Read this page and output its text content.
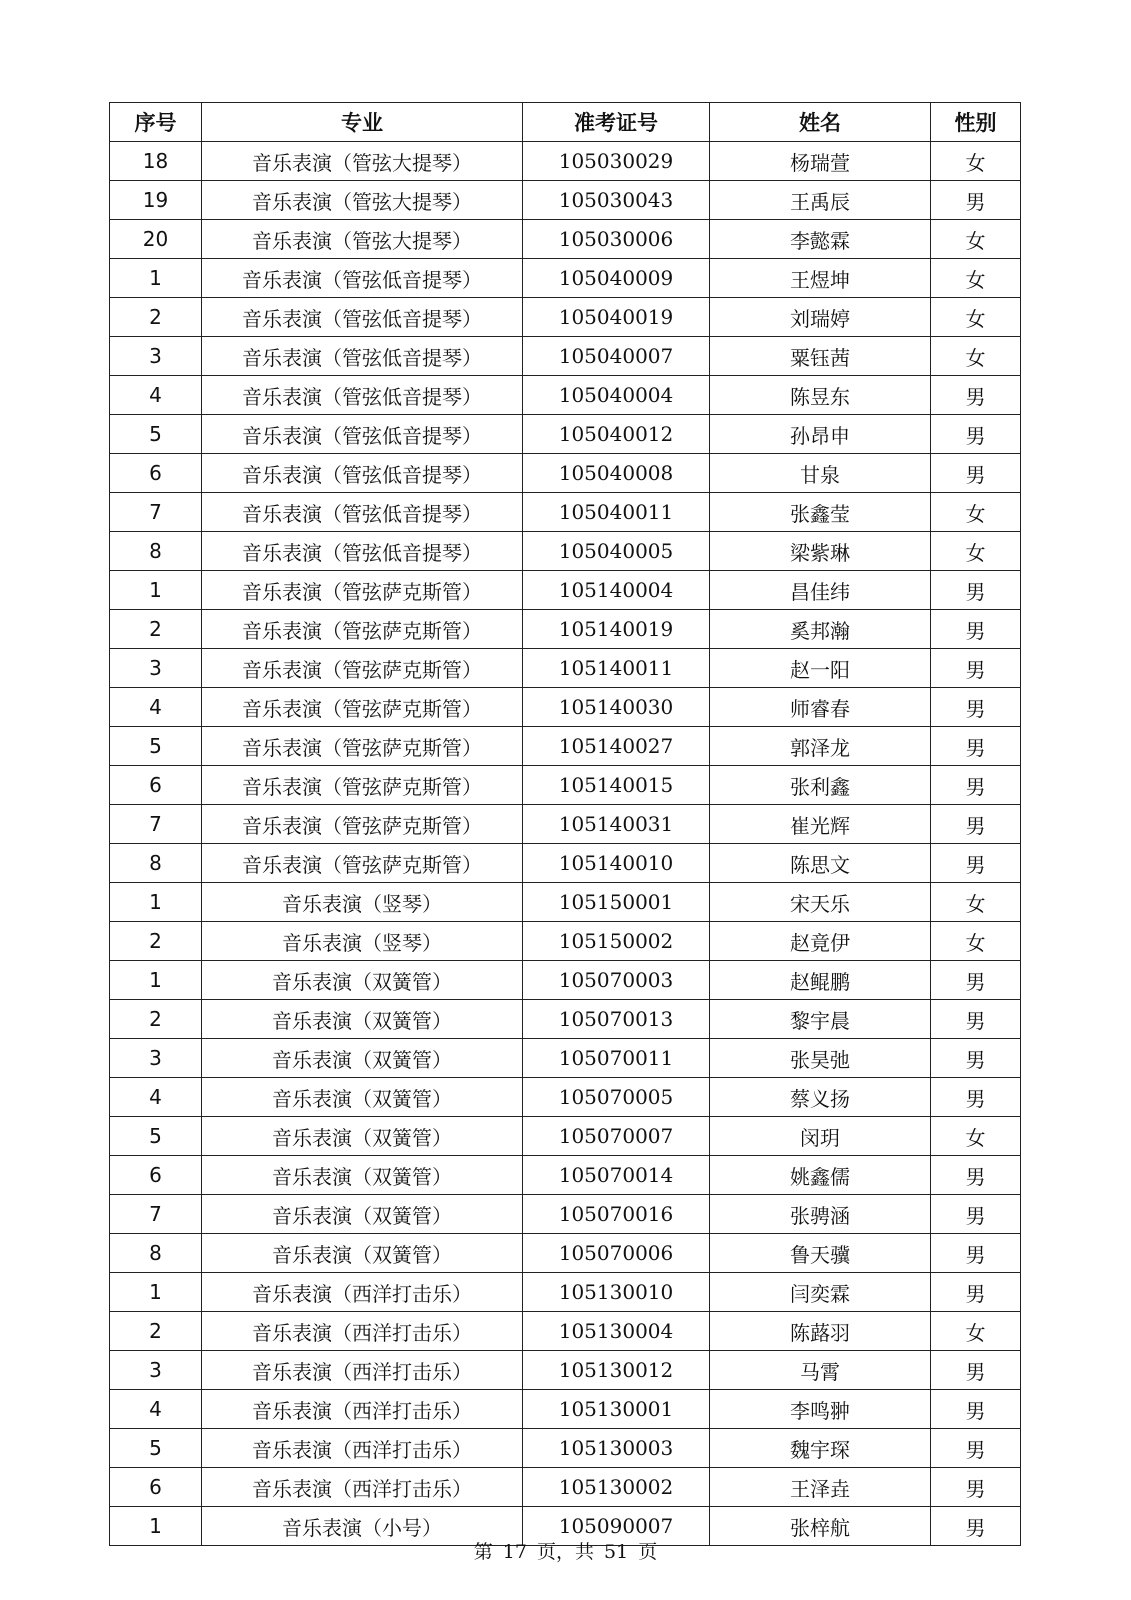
序号	专业	准考证号	姓名	性别
18	音乐表演（管弦大提琴）	105030029	杨瑞萱	女
19	音乐表演（管弦大提琴）	105030043	王禹辰	男
20	音乐表演（管弦大提琴）	105030006	李懿霖	女
1	音乐表演（管弦低音提琴）	105040009	王煜坤	女
2	音乐表演（管弦低音提琴）	105040019	刘瑞婷	女
3	音乐表演（管弦低音提琴）	105040007	粟钰茜	女
4	音乐表演（管弦低音提琴）	105040004	陈昱东	男
5	音乐表演（管弦低音提琴）	105040012	孙昂申	男
6	音乐表演（管弦低音提琴）	105040008	甘泉	男
7	音乐表演（管弦低音提琴）	105040011	张鑫莹	女
8	音乐表演（管弦低音提琴）	105040005	梁紫琳	女
1	音乐表演（管弦萨克斯管）	105140004	昌佳纬	男
2	音乐表演（管弦萨克斯管）	105140019	奚邦瀚	男
3	音乐表演（管弦萨克斯管）	105140011	赵一阳	男
4	音乐表演（管弦萨克斯管）	105140030	师睿春	男
5	音乐表演（管弦萨克斯管）	105140027	郭泽龙	男
6	音乐表演（管弦萨克斯管）	105140015	张利鑫	男
7	音乐表演（管弦萨克斯管）	105140031	崔光辉	男
8	音乐表演（管弦萨克斯管）	105140010	陈思文	男
1	音乐表演（竖琴）	105150001	宋天乐	女
2	音乐表演（竖琴）	105150002	赵竟伊	女
1	音乐表演（双簧管）	105070003	赵鲲鹏	男
2	音乐表演（双簧管）	105070013	黎宇晨	男
3	音乐表演（双簧管）	105070011	张昊弛	男
4	音乐表演（双簧管）	105070005	蔡义扬	男
5	音乐表演（双簧管）	105070007	闵玥	女
6	音乐表演（双簧管）	105070014	姚鑫儒	男
7	音乐表演（双簧管）	105070016	张骋涵	男
8	音乐表演（双簧管）	105070006	鲁天骥	男
1	音乐表演（西洋打击乐）	105130010	闫奕霖	男
2	音乐表演（西洋打击乐）	105130004	陈蕗羽	女
3	音乐表演（西洋打击乐）	105130012	马霄	男
4	音乐表演（西洋打击乐）	105130001	李鸣翀	男
5	音乐表演（西洋打击乐）	105130003	魏宇琛	男
6	音乐表演（西洋打击乐）	105130002	王泽垚	男
1	音乐表演（小号）	105090007	张梓航	男
第 17 页，共 51 页
